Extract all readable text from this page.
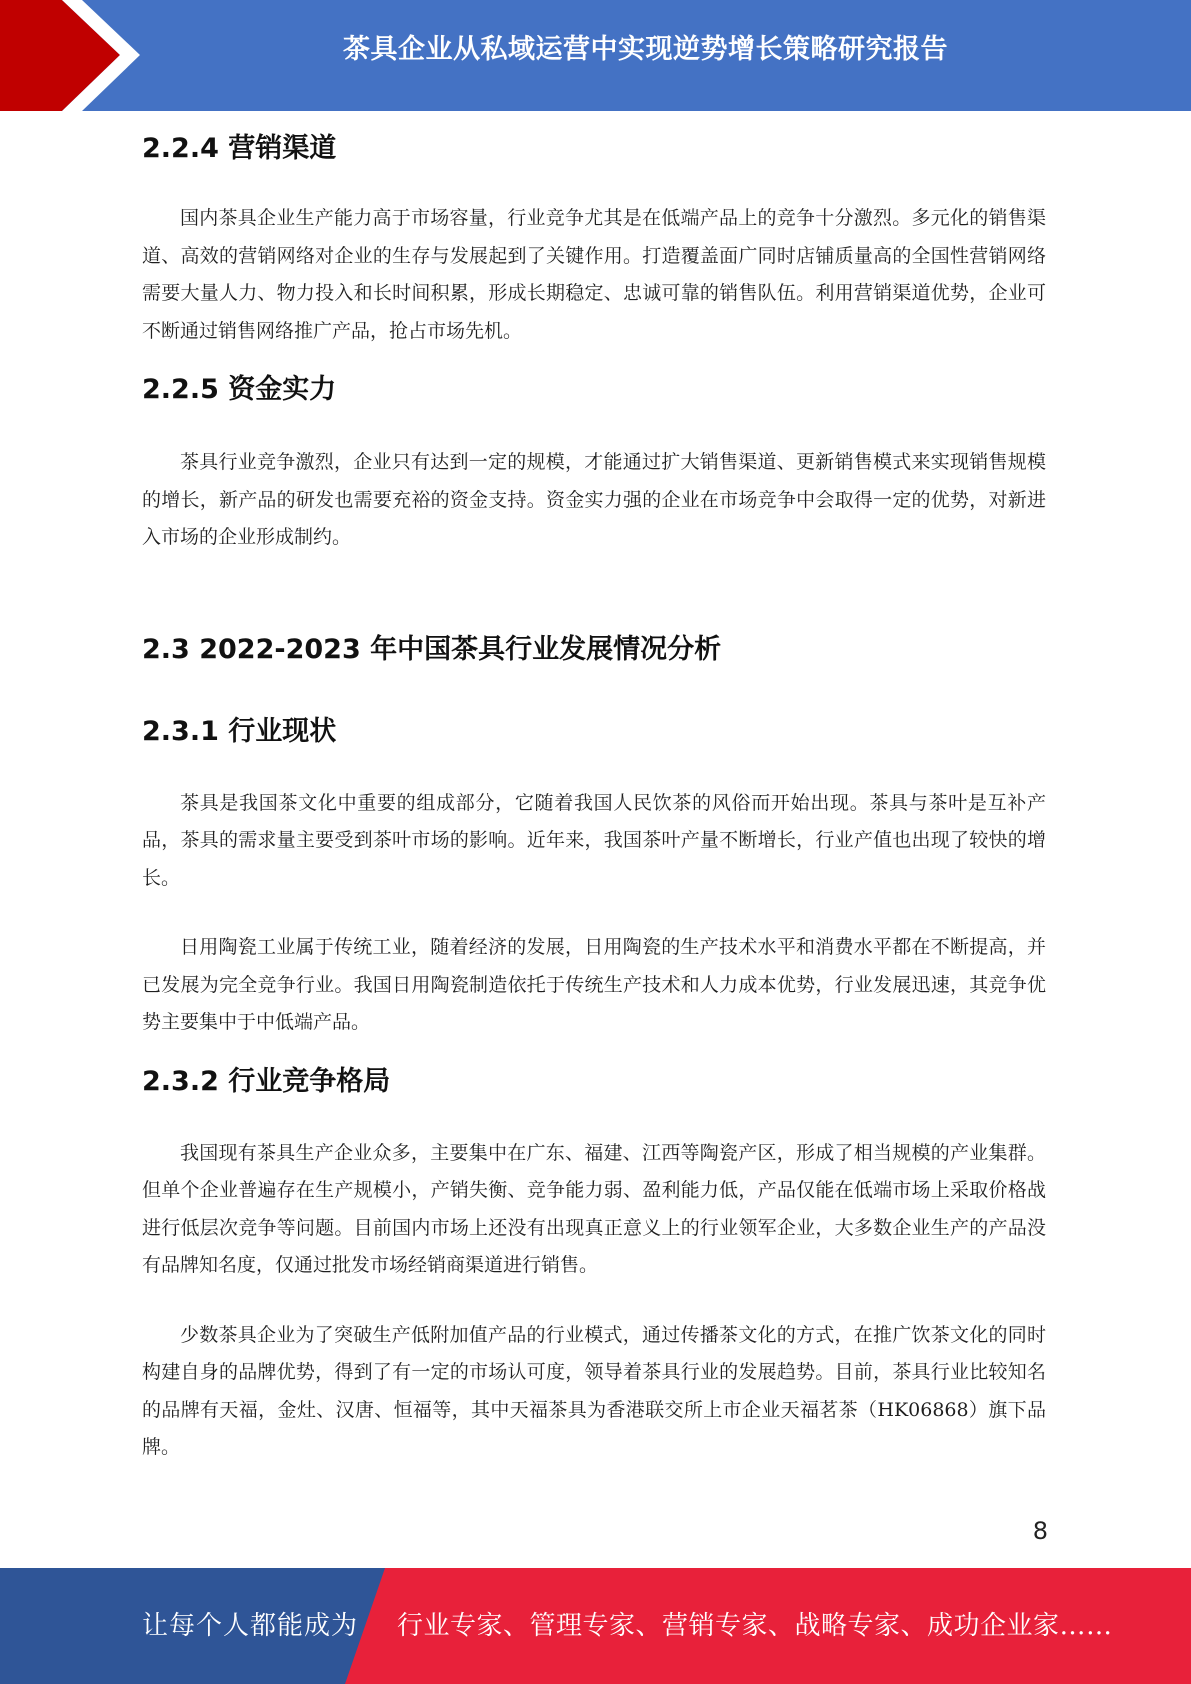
茶具企业从私域运营中实现逆势增长策略研究报告
2.2.4 营销渠道

国内茶具企业生产能力高于市场容量，行业竞争尤其是在低端产品上的竞争十分激烈。多元化的销售渠道、高效的营销网络对企业的生存与发展起到了关键作用。打造覆盖面广同时店铺质量高的全国性营销网络需要大量人力、物力投入和长时间积累，形成长期稳定、忠诚可靠的销售队伍。利用营销渠道优势，企业可不断通过销售网络推广产品，抢占市场先机。

2.2.5 资金实力

茶具行业竞争激烈，企业只有达到一定的规模，才能通过扩大销售渠道、更新销售模式来实现销售规模的增长，新产品的研发也需要充裕的资金支持。资金实力强的企业在市场竞争中会取得一定的优势，对新进入市场的企业形成制约。

2.3 2022-2023 年中国茶具行业发展情况分析
2.3.1 行业现状

茶具是我国茶文化中重要的组成部分，它随着我国人民饮茶的风俗而开始出现。茶具与茶叶是互补产品，茶具的需求量主要受到茶叶市场的影响。近年来，我国茶叶产量不断增长，行业产值也出现了较快的增长。

日用陶瓷工业属于传统工业，随着经济的发展，日用陶瓷的生产技术水平和消费水平都在不断提高，并已发展为完全竞争行业。我国日用陶瓷制造依托于传统生产技术和人力成本优势，行业发展迅速，其竞争优势主要集中于中低端产品。

2.3.2 行业竞争格局

我国现有茶具生产企业众多，主要集中在广东、福建、江西等陶瓷产区，形成了相当规模的产业集群。但单个企业普遍存在生产规模小，产销失衡、竞争能力弱、盈利能力低，产品仅能在低端市场上采取价格战进行低层次竞争等问题。目前国内市场上还没有出现真正意义上的行业领军企业，大多数企业生产的产品没有品牌知名度，仅通过批发市场经销商渠道进行销售。

少数茶具企业为了突破生产低附加值产品的行业模式，通过传播茶文化的方式，在推广饮茶文化的同时构建自身的品牌优势，得到了有一定的市场认可度，领导着茶具行业的发展趋势。目前，茶具行业比较知名的品牌有天福，金灶、汉唐、恒福等，其中天福茶具为香港联交所上市企业天福茗茶（HK06868）旗下品牌。

8
让每个人都能成为 行业专家、管理专家、营销专家、战略专家、成功企业家……
